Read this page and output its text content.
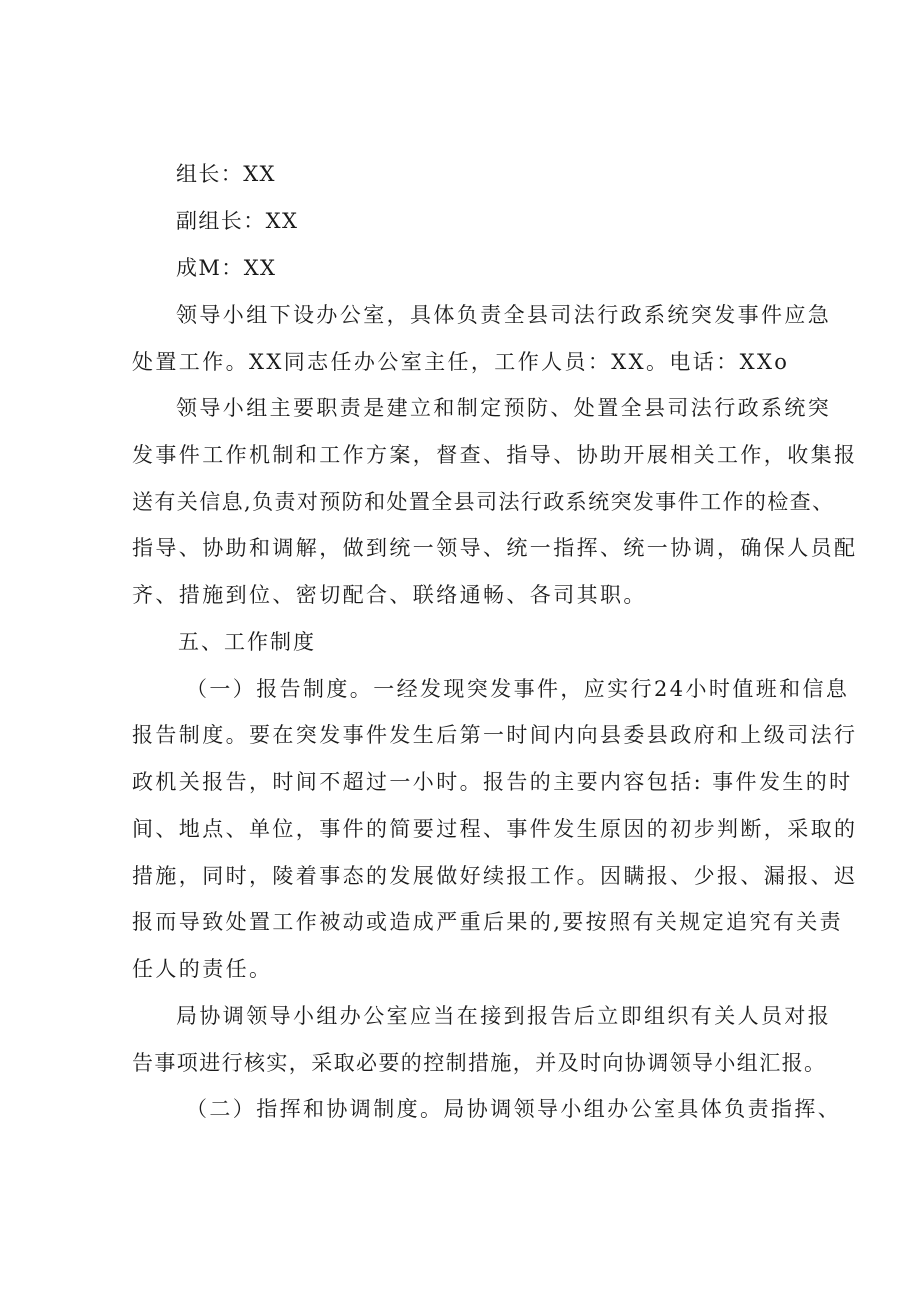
组长：XX
副组长：XX
成M：XX
领导小组下设办公室，具体负责全县司法行政系统突发事件应急
处置工作。XX同志任办公室主任，工作人员：XX。电话：XXo
领导小组主要职责是建立和制定预防、处置全县司法行政系统突
发事件工作机制和工作方案，督查、指导、协助开展相关工作，收集报
送有关信息,负责对预防和处置全县司法行政系统突发事件工作的检查、
指导、协助和调解，做到统一领导、统一指挥、统一协调，确保人员配
齐、措施到位、密切配合、联络通畅、各司其职。
五、工作制度
（一）报告制度。一经发现突发事件，应实行24小时值班和信息
报告制度。要在突发事件发生后第一时间内向县委县政府和上级司法行
政机关报告，时间不超过一小时。报告的主要内容包括: 事件发生的时
间、地点、单位，事件的简要过程、事件发生原因的初步判断，采取的
措施，同时，陵着事态的发展做好续报工作。因瞒报、少报、漏报、迟
报而导致处置工作被动或造成严重后果的,要按照有关规定追究有关责
任人的责任。
局协调领导小组办公室应当在接到报告后立即组织有关人员对报
告事项进行核实，采取必要的控制措施，并及时向协调领导小组汇报。
（二）指挥和协调制度。局协调领导小组办公室具体负责指挥、
